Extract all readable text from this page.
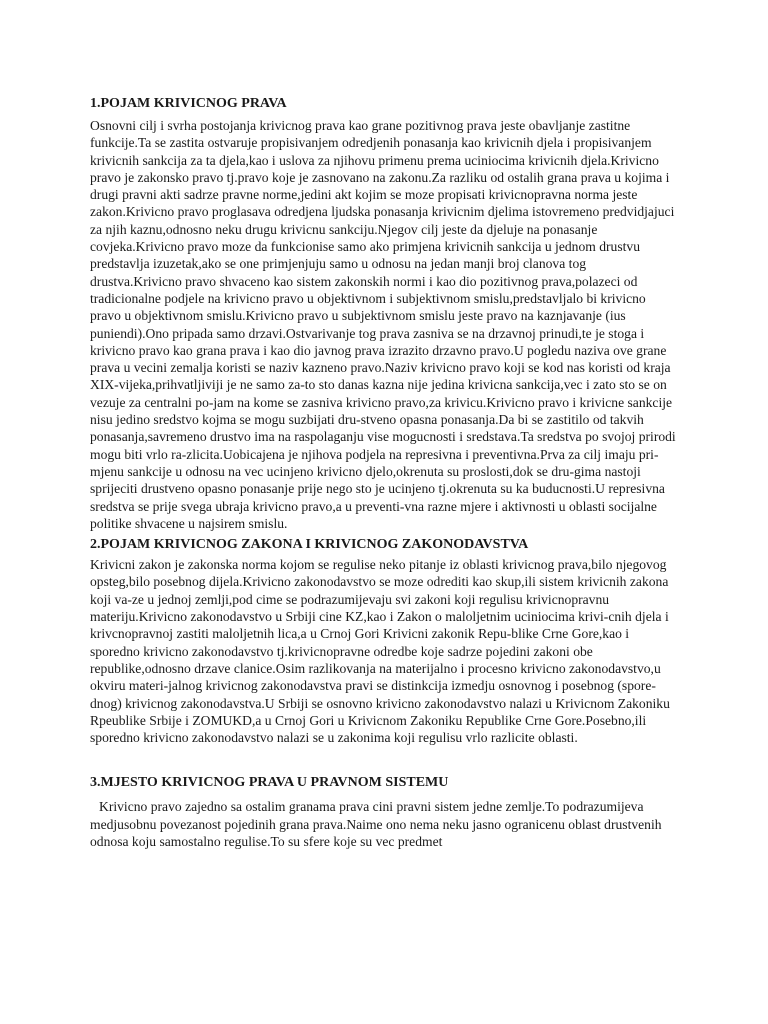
1.POJAM KRIVICNOG PRAVA

Osnovni cilj i svrha postojanja krivicnog prava kao grane pozitivnog prava jeste obavljanje zastitne funkcije.Ta se zastita ostvaruje propisivanjem odredjenih ponasanja kao krivicnih djela i propisivanjem krivicnih sankcija za ta djela,kao i uslova za njihovu primenu prema uciniocima krivicnih djela.Krivicno pravo je zakonsko pravo tj.pravo koje je zasnovano na zakonu.Za razliku od ostalih grana prava u kojima i drugi pravni akti sadrze pravne norme,jedini akt kojim se moze propisati krivicnopravna norma jeste zakon.Krivicno pravo proglasava odredjena ljudska ponasanja krivicnim djelima istovremeno predvidjajuci za njih kaznu,odnosno neku drugu krivicnu sankciju.Njegov cilj jeste da djeluje na ponasanje covjeka.Krivicno pravo moze da funkcionise samo ako primjena krivicnih sankcija u jednom drustvu predstavlja izuzetak,ako se one primjenjuju samo u odnosu na jedan manji broj clanova tog drustva.Krivicno pravo shvaceno kao sistem zakonskih normi i kao dio pozitivnog prava,polazeci od tradicionalne podjele na krivicno pravo u objektivnom i subjektivnom smislu,predstavljalo bi krivicno pravo u objektivnom smislu.Krivicno pravo u subjektivnom smislu jeste pravo na kaznjavanje (ius puniendi).Ono pripada samo drzavi.Ostvarivanje tog prava zasniva se na drzavnoj prinudi,te je stoga i krivicno pravo kao grana prava i kao dio javnog prava izrazito drzavno pravo.U pogledu naziva ove grane prava u vecini zemalja koristi se naziv kazneno pravo.Naziv krivicno pravo koji se kod nas koristi od kraja XIX-vijeka,prihvatljiviji je ne samo za-to sto danas kazna nije jedina krivicna sankcija,vec i zato sto se on vezuje za centralni po-jam na kome se zasniva krivicno pravo,za krivicu.Krivicno pravo i krivicne sankcije nisu jedino sredstvo kojma se mogu suzbijati dru-stveno opasna ponasanja.Da bi se zastitilo od takvih ponasanja,savremeno drustvo ima na raspolaganju vise mogucnosti i sredstava.Ta sredstva po svojoj prirodi mogu biti vrlo ra-zlicita.Uobicajena je njihova podjela na represivna i preventivna.Prva za cilj imaju pri-mjenu sankcije u odnosu na vec ucinjeno krivicno djelo,okrenuta su proslosti,dok se dru-gima nastoji sprijeciti drustveno opasno ponasanje prije nego sto je ucinjeno tj.okrenuta su ka buducnosti.U represivna sredstva se prije svega ubraja krivicno pravo,a u preventi-vna razne mjere i aktivnosti u oblasti socijalne politike shvacene u najsirem smislu.

2.POJAM KRIVICNOG ZAKONA I KRIVICNOG ZAKONODAVSTVA

Krivicni zakon je zakonska norma kojom se regulise neko pitanje iz oblasti krivicnog prava,bilo njegovog opsteg,bilo posebnog dijela.Krivicno zakonodavstvo se moze odrediti kao skup,ili sistem krivicnih zakona koji va-ze u jednoj zemlji,pod cime se podrazumijevaju svi zakoni koji regulisu krivicnopravnu materiju.Krivicno zakonodavstvo u Srbiji cine KZ,kao i Zakon o maloljetnim uciniocima krivi-cnih djela i krivcnopravnoj zastiti maloljetnih lica,a u Crnoj Gori Krivicni zakonik Repu-blike Crne Gore,kao i sporedno krivicno zakonodavstvo tj.krivicnopravne odredbe koje sadrze pojedini zakoni obe republike,odnosno drzave clanice.Osim razlikovanja na materijalno i procesno krivicno zakonodavstvo,u okviru materi-jalnog krivicnog zakonodavstva pravi se distinkcija izmedju osnovnog i posebnog (spore-dnog) krivicnog zakonodavstva.U Srbiji se osnovno krivicno zakonodavstvo nalazi u Krivicnom Zakoniku Rpeublike Srbije i ZOMUKD,a u Crnoj Gori u Krivicnom Zakoniku Republike Crne Gore.Posebno,ili sporedno krivicno zakonodavstvo nalazi se u zakonima koji regulisu vrlo razlicite oblasti.

3.MJESTO KRIVICNOG PRAVA U PRAVNOM SISTEMU

Krivicno pravo zajedno sa ostalim granama prava cini pravni sistem jedne zemlje.To podrazumijeva medjusobnu povezanost pojedinih grana prava.Naime ono nema neku jasno ogranicenu oblast drustvenih odnosa koju samostalno regulise.To su sfere koje su vec predmet
